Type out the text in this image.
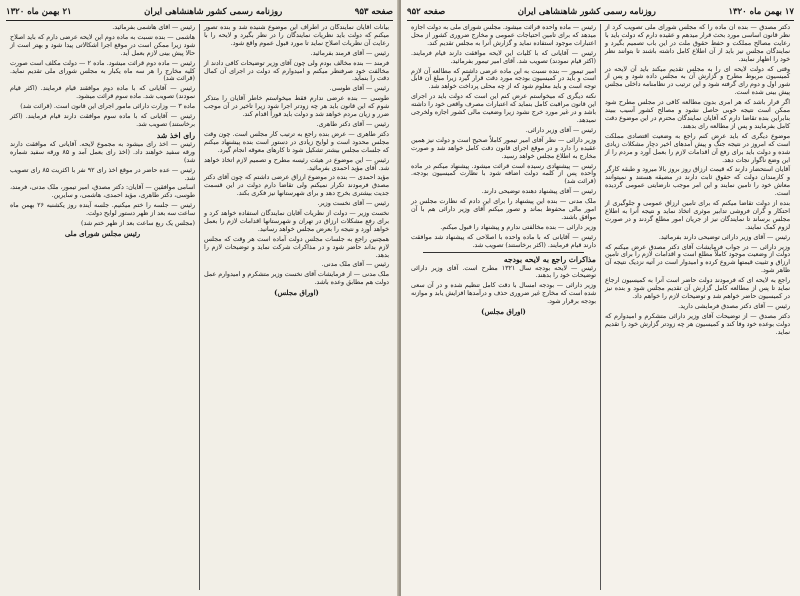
صفحه ۹۵۳
روزنامه رسمی کشور شاهنشاهی ایران
۲۱ بهمن ماه ۱۳۲۰

بیانات آقایان نمایندگان در اطراف این موضوع شنیده شد و بنده تصور میکنم که دولت باید نظریات نمایندگان را در نظر بگیرد و لایحه را با رعایت آن نظریات اصلاح نماید تا مورد قبول عموم واقع شود.

رئیس — آقای فرمند بفرمائید.

فرمند — بنده مخالف بودم ولی چون آقای وزیر توضیحات کافی دادند از مخالفت خود صرفنظر میکنم و امیدوارم که دولت در اجرای آن کمال دقت را بنماید.

رئیس — آقای طوسی.

طوسی — بنده عرضی ندارم فقط میخواستم خاطر آقایان را متذکر شوم که این قانون باید هر چه زودتر اجرا شود زیرا تاخیر در آن موجب ضرر و زیان مردم خواهد شد و دولت باید فوراً اقدام کند.

رئیس — آقای دکتر طاهری.

دکتر طاهری — عرض بنده راجع به ترتیب کار مجلس است. چون وقت مجلس محدود است و لوایح زیادی در دستور است بنده پیشنهاد میکنم که جلسات مجلس بیشتر تشکیل شود تا کارهای معوقه انجام گیرد.

رئیس — این موضوع در هیئت رئیسه مطرح و تصمیم لازم اتخاذ خواهد شد. آقای مؤید احمدی بفرمائید.

مؤید احمدی — بنده در موضوع ارزاق عرضی داشتم که چون آقای دکتر مصدق فرمودند تکرار نمیکنم ولی تقاضا دارم دولت در این قسمت جدیت بیشتری بخرج دهد و برای شهرستانها نیز فکری بکند.

رئیس — آقای نخست وزیر.

نخست وزیر — دولت از نظریات آقایان نمایندگان استفاده خواهد کرد و برای رفع مشکلات ارزاق در تهران و شهرستانها اقدامات لازم را بعمل خواهد آورد و نتیجه را بعرض مجلس خواهد رسانید.

همچنین راجع به جلسات مجلس دولت آماده است هر وقت که مجلس لازم بداند حاضر شود و در مذاکرات شرکت نماید و توضیحات لازم را بدهد.

رئیس — آقای ملک مدنی.

ملک مدنی — از فرمایشات آقای نخست وزیر متشکرم و امیدوارم عمل دولت هم مطابق وعده باشد.

(اوراق مجلس)

رئیس — آقای هاشمی بفرمائید.

هاشمی — بنده نسبت به ماده دوم این لایحه عرضی دارم که باید اصلاح شود زیرا ممکن است در موقع اجرا اشکالاتی پیدا شود و بهتر است از حالا پیش بینی لازم بعمل آید.

رئیس — ماده دوم قرائت میشود. ماده ۲ — دولت مکلف است صورت کلیه مخارج را هر سه ماه یکبار به مجلس شورای ملی تقدیم نماید. (قرائت شد)

رئیس — آقایانی که با ماده دوم موافقند قیام فرمایند. (اکثر قیام نمودند) تصویب شد. ماده سوم قرائت میشود.

ماده ۳ — وزارت دارائی مامور اجرای این قانون است. (قرائت شد)

رئیس — آقایانی که با ماده سوم موافقت دارند قیام فرمایند. (اکثر برخاستند) تصویب شد.

رای اخذ شد

رئیس — اخذ رای میشود به مجموع لایحه. آقایانی که موافقت دارند ورقه سفید خواهند داد. (اخذ رای بعمل آمد و ۸۵ ورقه سفید شماره شد)

رئیس — عده حاضر در موقع اخذ رای ۹۲ نفر با اکثریت ۸۵ رای تصویب شد.

اسامی موافقین — آقایان: دکتر مصدق، امیر تیمور، ملک مدنی، فرمند، طوسی، دکتر طاهری، مؤید احمدی، هاشمی، و سایرین.

رئیس — جلسه را ختم میکنیم. جلسه آینده روز یکشنبه ۲۶ بهمن ماه ساعت سه بعد از ظهر دستور لوایح دولت.

(مجلس یک ربع ساعت بعد از ظهر ختم شد)

رئیس مجلس شورای ملی

۱۷ بهمن ماه ۱۳۲۰
روزنامه رسمی کشور شاهنشاهی ایران
صفحه ۹۵۲

دکتر مصدق — بنده آن ماده را که مجلس شورای ملی تصویب کرد از نظر قانون اساسی مورد بحث قرار میدهم و عقیده دارم که دولت باید با رعایت مصالح مملکت و حفظ حقوق ملت در این باب تصمیم بگیرد و نمایندگان مجلس نیز باید از آن اطلاع کامل داشته باشند تا بتوانند نظر خود را اظهار نمایند.

وقتی که دولت لایحه ای را به مجلس تقدیم میکند باید آن لایحه در کمیسیون مربوط مطرح و گزارش آن به مجلس داده شود و پس از شور اول و دوم رای گرفته شود و این ترتیب در نظامنامه داخلی مجلس پیش بینی شده است.

اگر قرار باشد که هر امری بدون مطالعه کافی در مجلس مطرح شود ممکن است نتیجه خوبی حاصل نشود و مصالح کشور آسیب ببیند بنابراین بنده تقاضا دارم که آقایان نمایندگان محترم در این موضوع دقت کامل بفرمایند و پس از مطالعه رای بدهند.

موضوع دیگری که باید عرض کنم راجع به وضعیت اقتصادی مملکت است که امروز در نتیجه جنگ و پیش آمدهای اخیر دچار مشکلات زیادی شده و دولت باید برای رفع آن اقدامات لازم را بعمل آورد و مردم را از این وضع ناگوار نجات دهد.

آقایان استحضار دارند که قیمت ارزاق روز بروز بالا میرود و طبقه کارگر و کارمندان دولت که حقوق ثابت دارند در مضیقه هستند و نمیتوانند معاش خود را تامین نمایند و این امر موجب نارضایتی عمومی گردیده است.

بنده از دولت تقاضا میکنم که برای تامین ارزاق عمومی و جلوگیری از احتکار و گران فروشی تدابیر موثری اتخاذ نماید و نتیجه آنرا به اطلاع مجلس برساند تا نمایندگان نیز از جریان امور مطلع گردند و در صورت لزوم کمک نمایند.

رئیس — آقای وزیر دارائی توضیحی دارند بفرمائید.

وزیر دارائی — در جواب فرمایشات آقای دکتر مصدق عرض میکنم که دولت از وضعیت موجود کاملاً مطلع است و اقدامات لازم را برای تامین ارزاق و تثبیت قیمتها شروع کرده و امیدوار است در آتیه نزدیک نتیجه آن ظاهر شود.

راجع به لایحه ای که فرمودند دولت حاضر است آنرا به کمیسیون ارجاع نماید تا پس از مطالعه کامل گزارش آن تقدیم مجلس شود و بنده نیز در کمیسیون حاضر خواهم شد و توضیحات لازم را خواهم داد.

رئیس — آقای دکتر مصدق فرمایشی دارید.

دکتر مصدق — از توضیحات آقای وزیر دارائی متشکرم و امیدوارم که دولت بوعده خود وفا کند و کمیسیون هر چه زودتر گزارش خود را تقدیم نماید.

رئیس — ماده واحده قرائت میشود. مجلس شورای ملی به دولت اجازه میدهد که برای تامین احتیاجات عمومی و مخارج ضروری کشور از محل اعتبارات موجود استفاده نماید و گزارش آنرا به مجلس تقدیم کند.

رئیس — آقایانی که با کلیات این لایحه موافقت دارند قیام فرمایند. (اکثر قیام نمودند) تصویب شد. آقای امیر تیمور بفرمائید.

امیر تیمور — بنده نسبت به این ماده عرضی داشتم که مطالعه آن لازم است و باید در کمیسیون بودجه مورد دقت قرار گیرد زیرا مبلغ آن قابل توجه است و باید معلوم شود که از چه محلی پرداخت خواهد شد.

نکته دیگری که میخواستم عرض کنم این است که دولت باید در اجرای این قانون مراقبت کامل بنماید که اعتبارات مصرف واقعی خود را داشته باشد و در غیر مورد خرج نشود زیرا وضعیت مالی کشور اجازه ولخرجی نمیدهد.

رئیس — آقای وزیر دارائی.

وزیر دارائی — نظر آقای امیر تیمور کاملاً صحیح است و دولت نیز همین عقیده را دارد و در موقع اجرای قانون دقت کامل خواهد شد و صورت مخارج به اطلاع مجلس خواهد رسید.

رئیس — پیشنهادی رسیده است قرائت میشود. پیشنهاد میکنم در ماده واحده پس از کلمه دولت اضافه شود با نظارت کمیسیون بودجه. (قرائت شد)

رئیس — آقای پیشنهاد دهنده توضیحی دارند.

ملک مدنی — بنده این پیشنهاد را برای این دادم که نظارت مجلس در امور مالی محفوظ بماند و تصور میکنم آقای وزیر دارائی هم با آن موافق باشند.

وزیر دارائی — بنده مخالفتی ندارم و پیشنهاد را قبول میکنم.

رئیس — آقایانی که با ماده واحده با اصلاحی که پیشنهاد شد موافقت دارند قیام فرمایند. (اکثر برخاستند) تصویب شد.

مذاکرات راجع به لایحه بودجه

رئیس — لایحه بودجه سال ۱۳۲۱ مطرح است. آقای وزیر دارائی توضیحات خود را بدهند.

وزیر دارائی — بودجه امسال با دقت کامل تنظیم شده و در آن سعی شده است که مخارج غیر ضروری حذف و درآمدها افزایش یابد و موازنه بودجه برقرار شود.

(اوراق مجلس)
